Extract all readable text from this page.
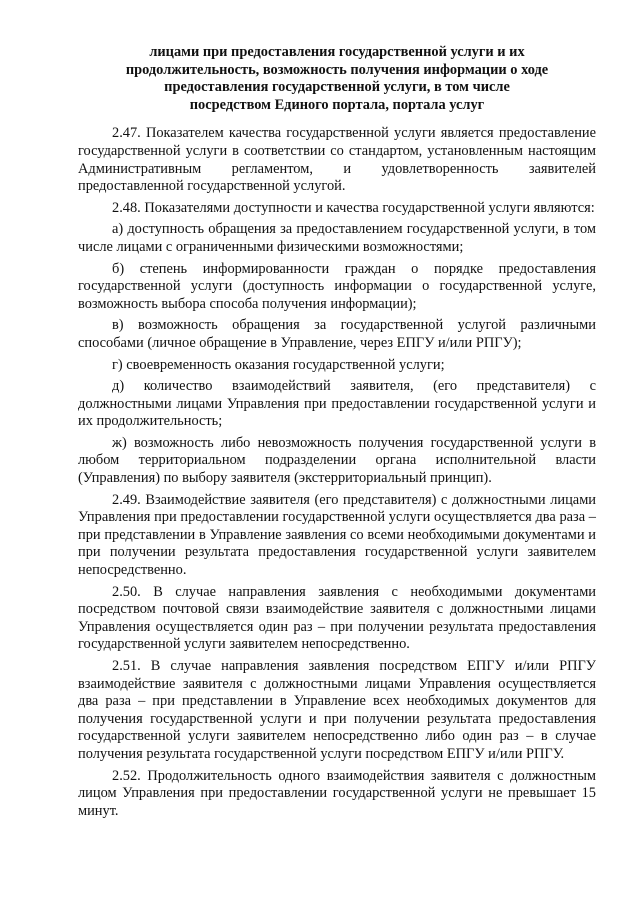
лицами при предоставления государственной услуги и их
продолжительность, возможность получения информации о ходе
предоставления государственной услуги, в том числе
посредством Единого портала, портала услуг

2.47. Показателем качества государственной услуги является предоставление государственной услуги в соответствии со стандартом, установленным настоящим Административным регламентом, и удовлетворенность заявителей предоставленной государственной услугой.

2.48. Показателями доступности и качества государственной услуги являются:

а) доступность обращения за предоставлением государственной услуги, в том числе лицами с ограниченными физическими возможностями;

б) степень информированности граждан о порядке предоставления государственной услуги (доступность информации о государственной услуге, возможность выбора способа получения информации);

в) возможность обращения за государственной услугой различными способами (личное обращение в Управление, через ЕПГУ и/или РПГУ);

г) своевременность оказания государственной услуги;

д) количество взаимодействий заявителя, (его представителя) с должностными лицами Управления при предоставлении государственной услуги и их продолжительность;

ж) возможность либо невозможность получения государственной услуги в любом территориальном подразделении органа исполнительной власти (Управления) по выбору заявителя (экстерриториальный принцип).

2.49. Взаимодействие заявителя (его представителя) с должностными лицами Управления при предоставлении государственной услуги осуществляется два раза – при представлении в Управление заявления со всеми необходимыми документами и при получении результата предоставления государственной услуги заявителем непосредственно.

2.50. В случае направления заявления с необходимыми документами посредством почтовой связи взаимодействие заявителя с должностными лицами Управления осуществляется один раз – при получении результата предоставления государственной услуги заявителем непосредственно.

2.51. В случае направления заявления посредством ЕПГУ и/или РПГУ взаимодействие заявителя с должностными лицами Управления осуществляется два раза – при представлении в Управление всех необходимых документов для получения государственной услуги и при получении результата предоставления государственной услуги заявителем непосредственно либо один раз – в случае получения результата государственной услуги посредством ЕПГУ и/или РПГУ.

2.52. Продолжительность одного взаимодействия заявителя с должностным лицом Управления при предоставлении государственной услуги не превышает 15 минут.
